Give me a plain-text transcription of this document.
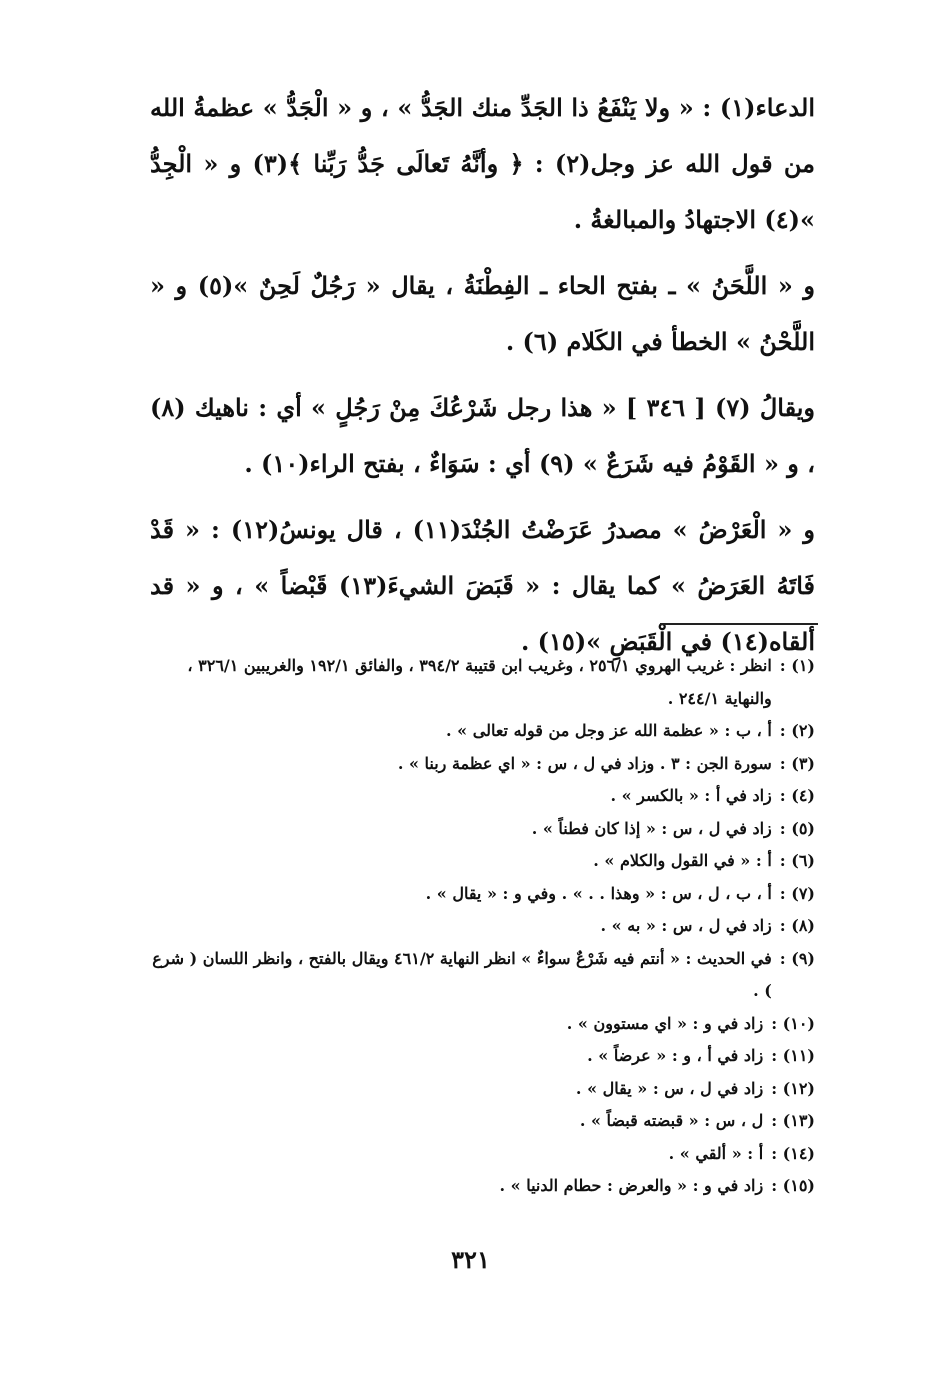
الدعاء(١) : « ولا يَنْفَعُ ذا الجَدِّ منك الجَدُّ » ، و « الْجَدُّ » عظمةُ الله من قول الله عز وجل(٢) : ﴿ وأنَّهُ تَعالَى جَدُّ رَبِّنا ﴾(٣) و « الْجِدُّ »(٤) الاجتهادُ والمبالغةُ .

و « اللَّحَنُ » ـ بفتح الحاء ـ الفِطْنَةُ ، يقال « رَجُلٌ لَحِنٌ »(٥) و « اللَّحْنُ » الخطأ في الكَلام (٦) .

ويقالُ (٧) [ ٣٤٦ ] « هذا رجل شَرْعُكَ مِنْ رَجُلٍ » أي : ناهيك (٨) ، و « القَوْمُ فيه شَرَعٌ » (٩) أي : سَوَاءٌ ، بفتح الراء(١٠) .

و « الْعَرْضُ » مصدرُ عَرَضْتُ الجُنْدَ(١١) ، قال يونسُ(١٢) : « قَدْ فَاتَهُ العَرَضُ » كما يقال : « قَبَضَ الشيءَ(١٣) قَبْضاً » ، و « قد ألقاه(١٤) في الْقَبَضِ »(١٥) .

(١) :
انظر : غريب الهروي ٢٥٦/١ ، وغريب ابن قتيبة ٣٩٤/٢ ، والفائق ١٩٢/١ والغريبين ٣٢٦/١ ، والنهاية ٢٤٤/١ .
(٢) :
أ ، ب : « عظمة الله عز وجل من قوله تعالى » .
(٣) :
سورة الجن : ٣ . وزاد في ل ، س : « اي عظمة ربنا » .
(٤) :
زاد في أ : « بالكسر » .
(٥) :
زاد في ل ، س : « إذا كان فطناً » .
(٦) :
أ : « في القول والكلام » .
(٧) :
أ ، ب ، ل ، س : « وهذا . . » . وفي و : « يقال » .
(٨) :
زاد في ل ، س : « به » .
(٩) :
في الحديث : « أنتم فيه شَرْعٌ سواءٌ » انظر النهاية ٤٦١/٢ ويقال بالفتح ، وانظر اللسان ( شرع ) .
(١٠) :
زاد في و : « اي مستوون » .
(١١) :
زاد في أ ، و : « عرضاً » .
(١٢) :
زاد في ل ، س : « يقال » .
(١٣) :
ل ، س : « قبضته قبضاً » .
(١٤) :
أ : « ألقي » .
(١٥) :
زاد في و : « والعرض : حطام الدنيا » .
٣٢١
